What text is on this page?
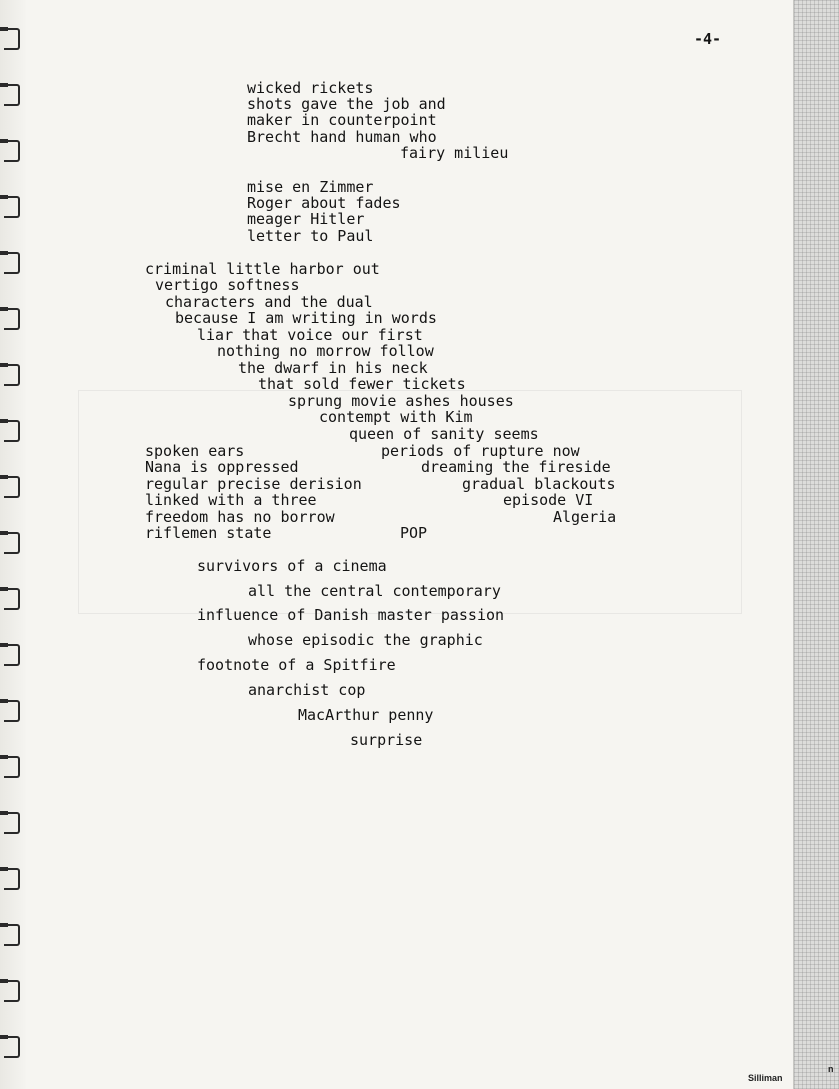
-4-
wicked rickets
shots gave the job and
maker in counterpoint
Brecht hand human who
fairy milieu
mise en Zimmer
Roger about fades
meager Hitler
letter to Paul
criminal little harbor out
vertigo softness
characters and the dual
because I am writing in words
liar that voice our first
nothing no morrow follow
the dwarf in his neck
that sold fewer tickets
sprung movie ashes houses
contempt with Kim
queen of sanity seems
spoken ears	periods of rupture now
Nana is oppressed	dreaming the fireside
regular precise derision	gradual blackouts
linked with a three	episode VI
freedom has no borrow	Algeria
riflemen state	POP
survivors of a cinema
all the central contemporary
influence of Danish master passion
whose episodic the graphic
footnote of a Spitfire
anarchist cop
MacArthur penny
surprise
Silliman
n
